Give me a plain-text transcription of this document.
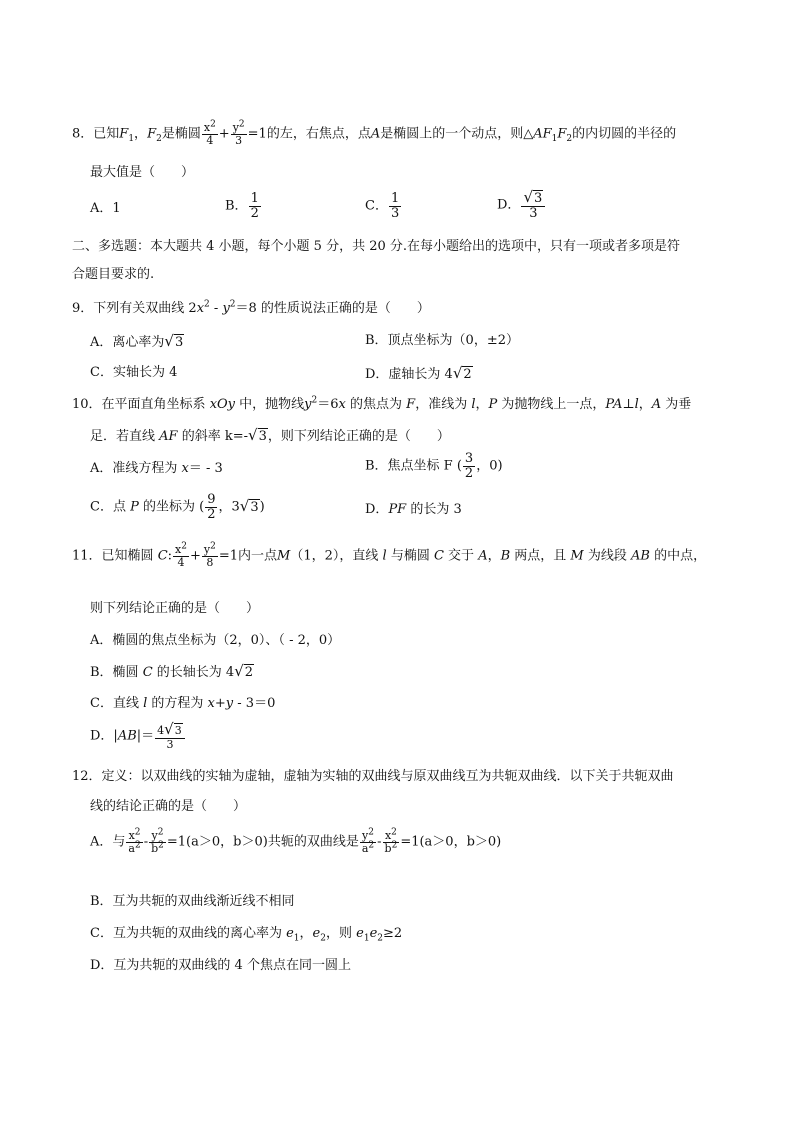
8．已知$F_1$，$F_2$是椭圆 $\frac{x^2}{4} + \frac{y^2}{3} =1$的左，右焦点，点A是椭圆上的一个动点，则$\triangle AF_1F_2$的内切圆的半径的
最大值是（　　）
A．1	B． $\frac{1}{2}$	C． $\frac{1}{3}$	D． $\frac{√3}{3}$
二、多选题：本大题共 4 小题，每个小题 5 分，共 20 分.在每小题给出的选项中，只有一项或者多项是符
合题目要求的.
9．下列有关双曲线 $2x^2 - y^2=8$ 的性质说法正确的是（　　）
A．离心率为√3	B．顶点坐标为（0，±2）
C．实轴长为 4	D．虚轴长为 4√2
10．在平面直角坐标系 xOy 中，抛物线$y^2=6x$ 的焦点为 F，准线为 l，P 为抛物线上一点，PA⊥l，A 为垂
足．若直线 AF 的斜率 k=-√3，则下列结论正确的是（　　）
A．准线方程为 x＝ - 3	B．焦点坐标 F ( $\frac{3}{2}$ ，0)
C．点 P 的坐标为 ( $\frac{9}{2}$ ，3√3)	D．PF 的长为 3
11．已知椭圆 C: $\frac{x^2}{4} + \frac{y^2}{8} =1$内一点M（1，2），直线 l 与椭圆 C 交于 A，B 两点，且 M 为线段 AB 的中点，
则下列结论正确的是（　　）
A．椭圆的焦点坐标为（2，0）、（ - 2，0）
B．椭圆 C 的长轴长为 4√2
C．直线 l 的方程为 x+y - 3＝0
D．$|AB|= \frac{4√3}{3}$
12．定义：以双曲线的实轴为虚轴，虚轴为实轴的双曲线与原双曲线互为共轭双曲线．以下关于共轭双曲
线的结论正确的是（　　）
A．与 $\frac{x^2}{a^2} - \frac{y^2}{b^2} =1(a>0$，b＞0)共轭的双曲线是 $\frac{y^2}{a^2} - \frac{x^2}{b^2} =1(a>0$，b＞0)
B．互为共轭的双曲线渐近线不相同
C．互为共轭的双曲线的离心率为 $e_1$，$e_2$，则 $e_1e_2\ge 2$
D．互为共轭的双曲线的 4 个焦点在同一圆上
